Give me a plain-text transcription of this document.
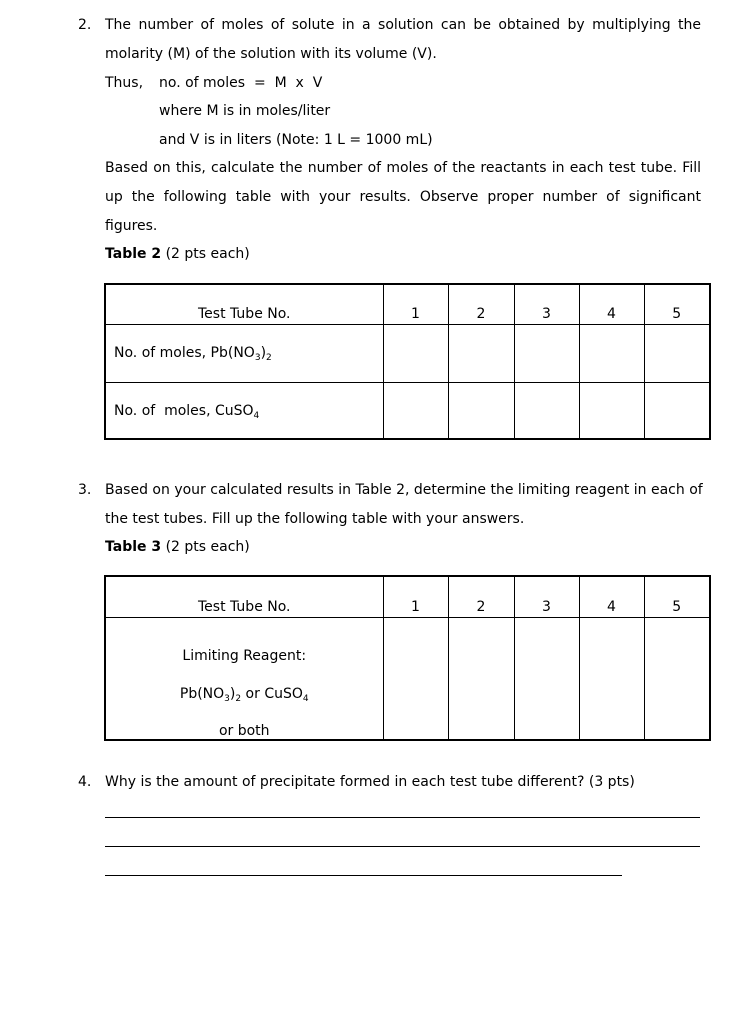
2. The number of moles of solute in a solution can be obtained by multiplying the
molarity (M) of the solution with its volume (V).
Thus, no. of moles  =  M  x  V
where M is in moles/liter
and V is in liters (Note: 1 L = 1000 mL)
Based on this, calculate the number of moles of the reactants in each test tube. Fill
up the following table with your results. Observe proper number of significant
figures.
Table 2 (2 pts each)
Test Tube No.	1	2	3	4	5
No. of moles, $Pb(NO_3)_2$					
No. of  moles, CuSO$_4$					
3. Based on your calculated results in Table 2, determine the limiting reagent in each of
the test tubes. Fill up the following table with your answers.
Table 3 (2 pts each)
Test Tube No.	1	2	3	4	5

Limiting Reagent:
$Pb(NO_3)_2$ or CuSO$_4$
or both					

4. Why is the amount of precipitate formed in each test tube different? (3 pts)
